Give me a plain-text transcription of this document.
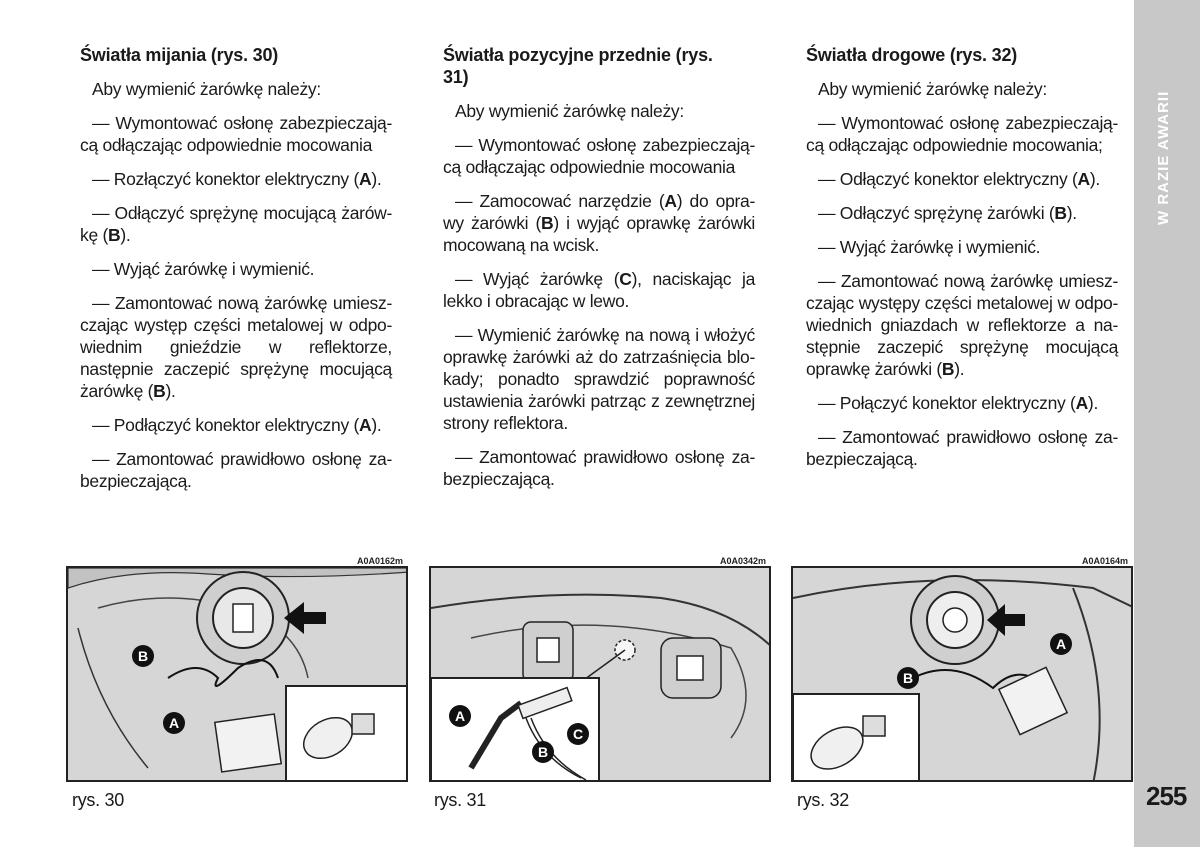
Światła mijania (rys. 30)

Aby wymienić żarówkę należy:

— Wymontować osłonę zabezpieczają-cą odłączając odpowiednie mocowania

— Rozłączyć konektor elektryczny (A).

— Odłączyć sprężynę mocującą żarów-kę (B).

— Wyjąć żarówkę i wymienić.

— Zamontować nową żarówkę umiesz-czając występ części metalowej w odpo-wiednim gnieździe w reflektorze, następnie zaczepić sprężynę mocującą żarówkę (B).

— Podłączyć konektor elektryczny (A).

— Zamontować prawidłowo osłonę za-bezpieczającą.

Światła pozycyjne przednie (rys. 31)

Aby wymienić żarówkę należy:

— Wymontować osłonę zabezpieczają-cą odłączając odpowiednie mocowania

— Zamocować narzędzie (A) do opra-wy żarówki (B) i wyjąć oprawkę żarówki mocowaną na wcisk.

— Wyjąć żarówkę (C), naciskając ja lekko i obracając w lewo.

— Wymienić żarówkę na nową i włożyć oprawkę żarówki aż do zatrzaśnięcia blo-kady; ponadto sprawdzić poprawność ustawienia żarówki patrząc z zewnętrznej strony reflektora.

— Zamontować prawidłowo osłonę za-bezpieczającą.

Światła drogowe (rys. 32)

Aby wymienić żarówkę należy:

— Wymontować osłonę zabezpieczają-cą odłączając odpowiednie mocowania;

— Odłączyć konektor elektryczny (A).

— Odłączyć sprężynę żarówki (B).

— Wyjąć żarówkę i wymienić.

— Zamontować nową żarówkę umiesz-czając występy części metalowej w odpo-wiednich gniazdach w reflektorze a na-stępnie zaczepić sprężynę mocującą oprawkę żarówki (B).

— Połączyć konektor elektryczny (A).

— Zamontować prawidłowo osłonę za-bezpieczającą.

A0A0162m
B
A
rys. 30
A0A0342m
A
B
C
rys. 31
A0A0164m
A
B
rys. 32
W RAZIE AWARII
255
